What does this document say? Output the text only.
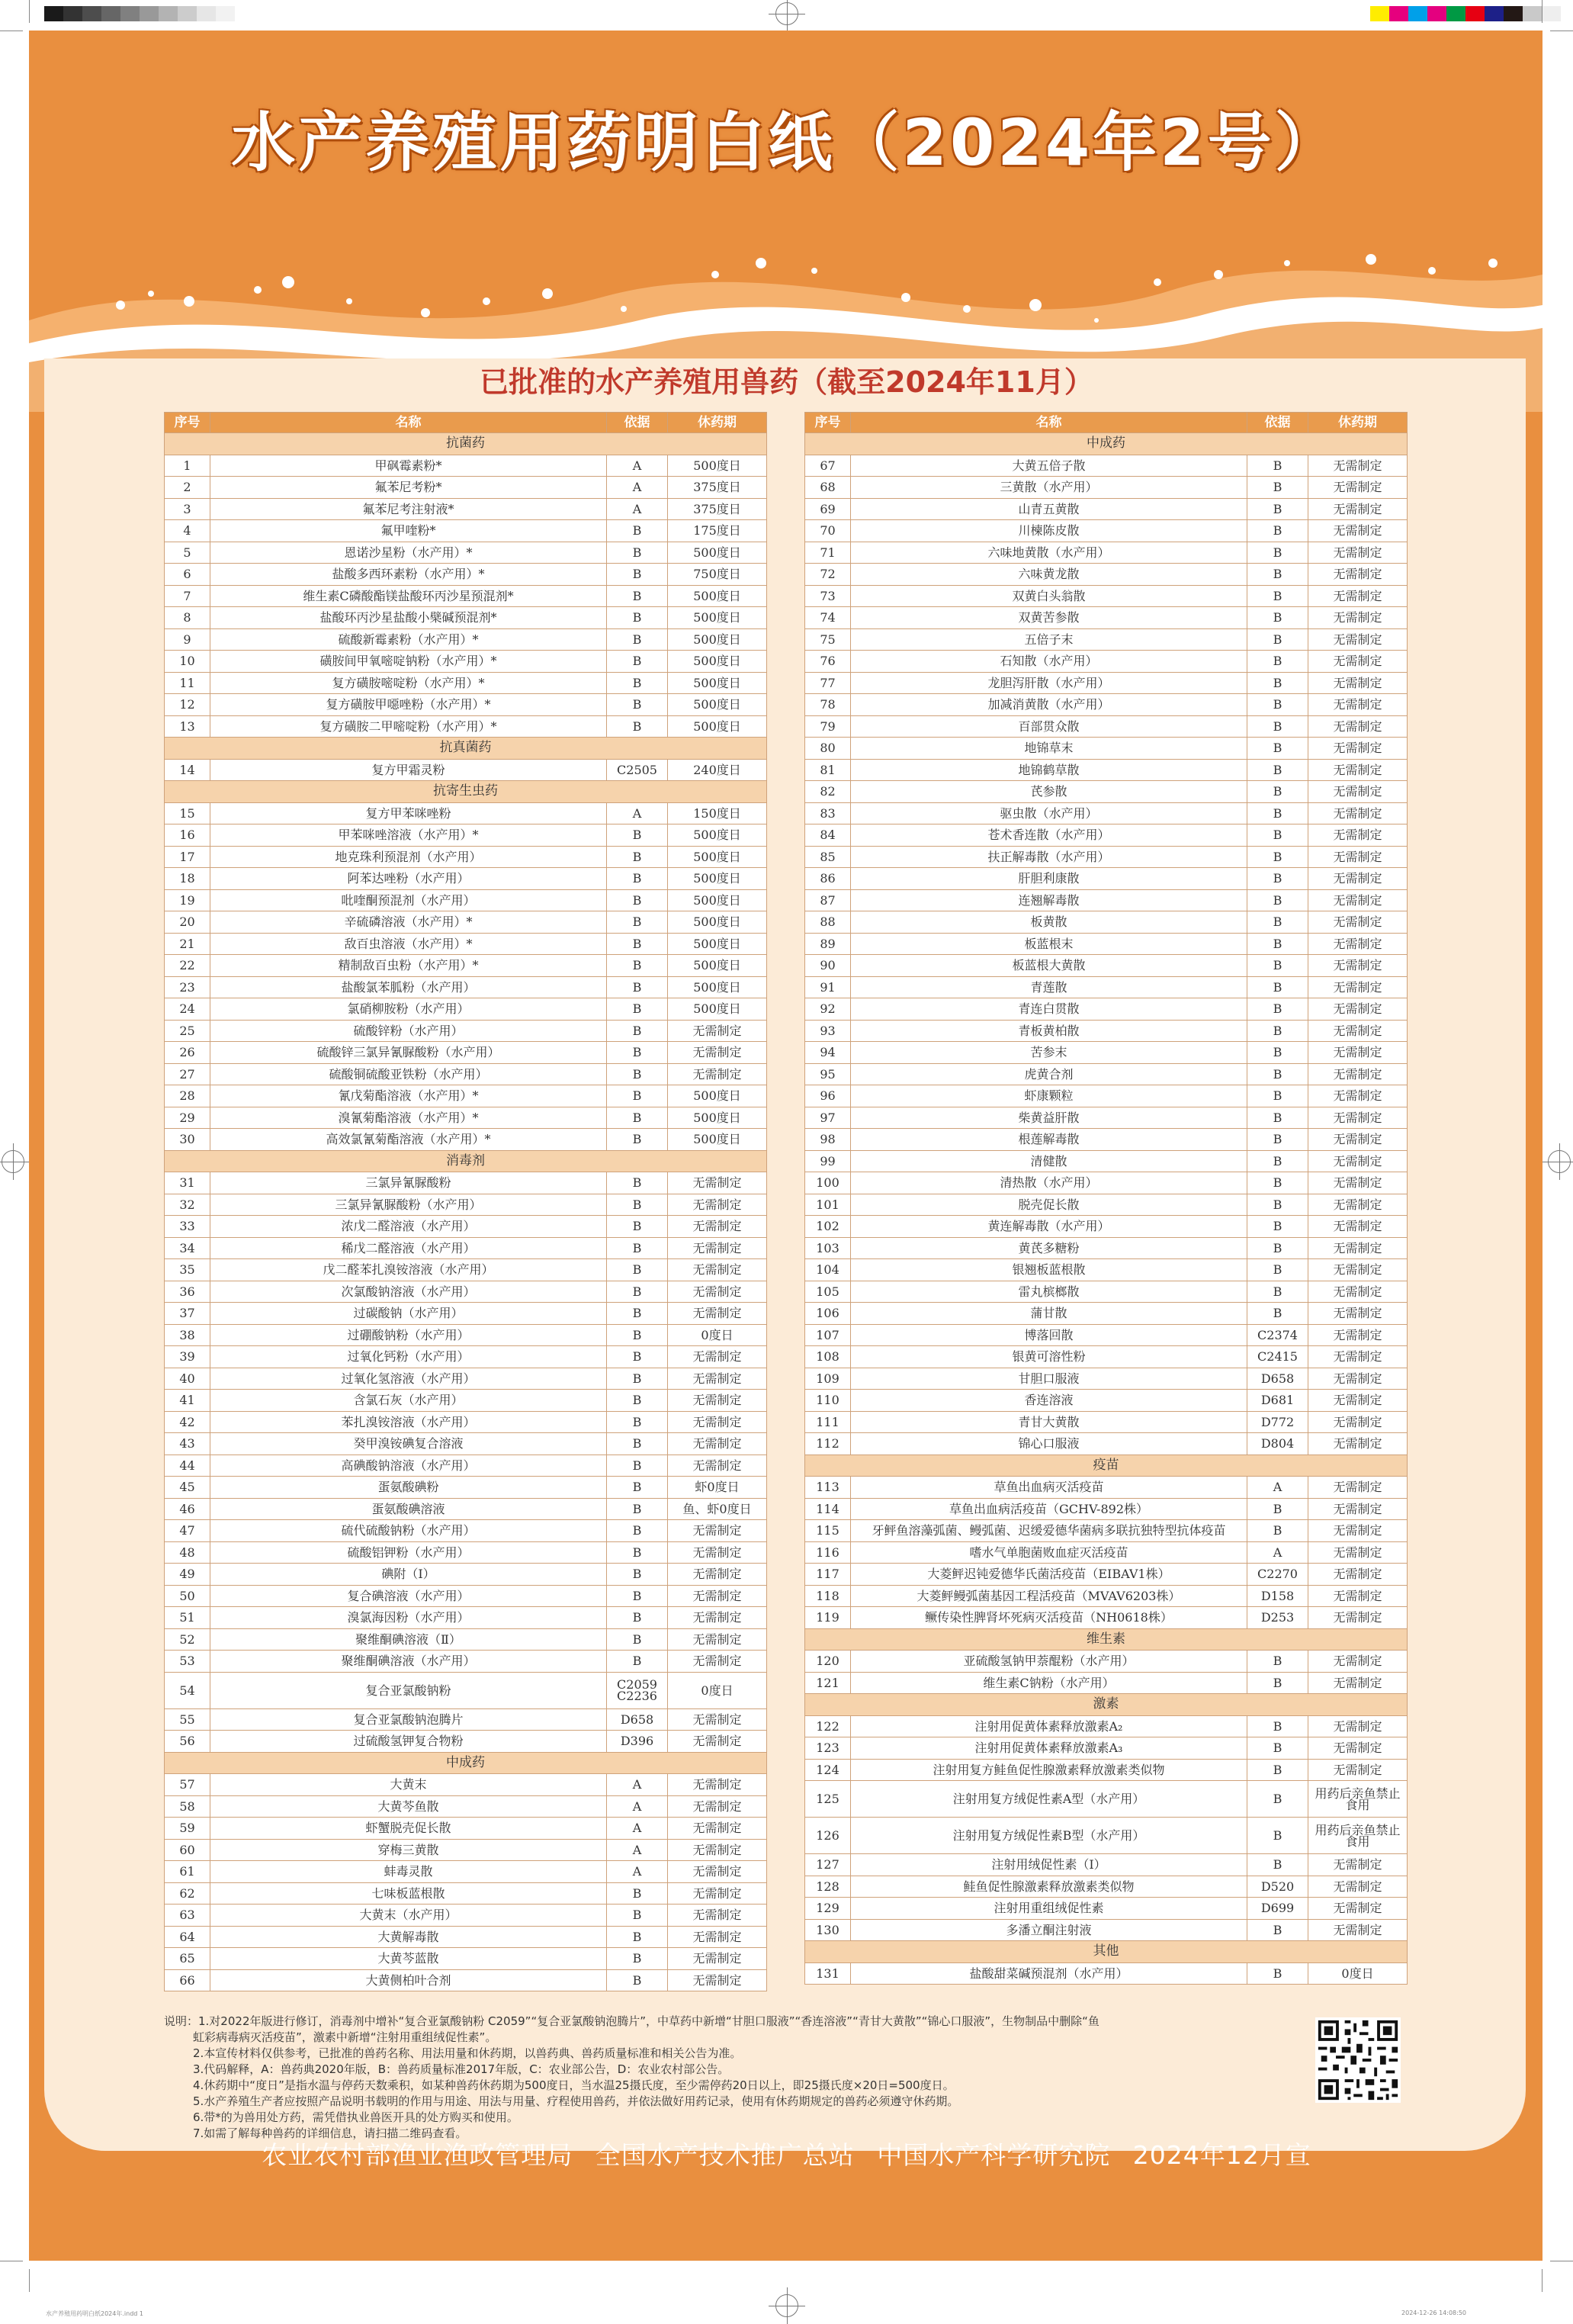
水产养殖用药明白纸（2024年2号）
已批准的水产养殖用兽药（截至2024年11月）
序号	名称	依据	休药期
抗菌药			
1	甲砜霉素粉*	A	500度日
2	氟苯尼考粉*	A	375度日
3	氟苯尼考注射液*	A	375度日
4	氟甲喹粉*	B	175度日
5	恩诺沙星粉（水产用）*	B	500度日
6	盐酸多西环素粉（水产用）*	B	750度日
7	维生素C磷酸酯镁盐酸环丙沙星预混剂*	B	500度日
8	盐酸环丙沙星盐酸小檗碱预混剂*	B	500度日
9	硫酸新霉素粉（水产用）*	B	500度日
10	磺胺间甲氧嘧啶钠粉（水产用）*	B	500度日
11	复方磺胺嘧啶粉（水产用）*	B	500度日
12	复方磺胺甲噁唑粉（水产用）*	B	500度日
13	复方磺胺二甲嘧啶粉（水产用）*	B	500度日
抗真菌药			
14	复方甲霜灵粉	C2505	240度日
抗寄生虫药			
15	复方甲苯咪唑粉	A	150度日
16	甲苯咪唑溶液（水产用）*	B	500度日
17	地克珠利预混剂（水产用）	B	500度日
18	阿苯达唑粉（水产用）	B	500度日
19	吡喹酮预混剂（水产用）	B	500度日
20	辛硫磷溶液（水产用）*	B	500度日
21	敌百虫溶液（水产用）*	B	500度日
22	精制敌百虫粉（水产用）*	B	500度日
23	盐酸氯苯胍粉（水产用）	B	500度日
24	氯硝柳胺粉（水产用）	B	500度日
25	硫酸锌粉（水产用）	B	无需制定
26	硫酸锌三氯异氰脲酸粉（水产用）	B	无需制定
27	硫酸铜硫酸亚铁粉（水产用）	B	无需制定
28	氰戊菊酯溶液（水产用）*	B	500度日
29	溴氰菊酯溶液（水产用）*	B	500度日
30	高效氯氰菊酯溶液（水产用）*	B	500度日
消毒剂			
31	三氯异氰脲酸粉	B	无需制定
32	三氯异氰脲酸粉（水产用）	B	无需制定
33	浓戊二醛溶液（水产用）	B	无需制定
34	稀戊二醛溶液（水产用）	B	无需制定
35	戊二醛苯扎溴铵溶液（水产用）	B	无需制定
36	次氯酸钠溶液（水产用）	B	无需制定
37	过碳酸钠（水产用）	B	无需制定
38	过硼酸钠粉（水产用）	B	0度日
39	过氧化钙粉（水产用）	B	无需制定
40	过氧化氢溶液（水产用）	B	无需制定
41	含氯石灰（水产用）	B	无需制定
42	苯扎溴铵溶液（水产用）	B	无需制定
43	癸甲溴铵碘复合溶液	B	无需制定
44	高碘酸钠溶液（水产用）	B	无需制定
45	蛋氨酸碘粉	B	虾0度日
46	蛋氨酸碘溶液	B	鱼、虾0度日
47	硫代硫酸钠粉（水产用）	B	无需制定
48	硫酸铝钾粉（水产用）	B	无需制定
49	碘附（Ⅰ）	B	无需制定
50	复合碘溶液（水产用）	B	无需制定
51	溴氯海因粉（水产用）	B	无需制定
52	聚维酮碘溶液（Ⅱ）	B	无需制定
53	聚维酮碘溶液（水产用）	B	无需制定
54	复合亚氯酸钠粉	C2059 C2236	0度日
55	复合亚氯酸钠泡腾片	D658	无需制定
56	过硫酸氢钾复合物粉	D396	无需制定
中成药			
57	大黄末	A	无需制定
58	大黄芩鱼散	A	无需制定
59	虾蟹脱壳促长散	A	无需制定
60	穿梅三黄散	A	无需制定
61	蚌毒灵散	A	无需制定
62	七味板蓝根散	B	无需制定
63	大黄末（水产用）	B	无需制定
64	大黄解毒散	B	无需制定
65	大黄芩蓝散	B	无需制定
66	大黄侧柏叶合剂	B	无需制定
序号	名称	依据	休药期
中成药			
67	大黄五倍子散	B	无需制定
68	三黄散（水产用）	B	无需制定
69	山青五黄散	B	无需制定
70	川楝陈皮散	B	无需制定
71	六味地黄散（水产用）	B	无需制定
72	六味黄龙散	B	无需制定
73	双黄白头翁散	B	无需制定
74	双黄苦参散	B	无需制定
75	五倍子末	B	无需制定
76	石知散（水产用）	B	无需制定
77	龙胆泻肝散（水产用）	B	无需制定
78	加减消黄散（水产用）	B	无需制定
79	百部贯众散	B	无需制定
80	地锦草末	B	无需制定
81	地锦鹤草散	B	无需制定
82	芪参散	B	无需制定
83	驱虫散（水产用）	B	无需制定
84	苍术香连散（水产用）	B	无需制定
85	扶正解毒散（水产用）	B	无需制定
86	肝胆利康散	B	无需制定
87	连翘解毒散	B	无需制定
88	板黄散	B	无需制定
89	板蓝根末	B	无需制定
90	板蓝根大黄散	B	无需制定
91	青莲散	B	无需制定
92	青连白贯散	B	无需制定
93	青板黄柏散	B	无需制定
94	苦参末	B	无需制定
95	虎黄合剂	B	无需制定
96	虾康颗粒	B	无需制定
97	柴黄益肝散	B	无需制定
98	根莲解毒散	B	无需制定
99	清健散	B	无需制定
100	清热散（水产用）	B	无需制定
101	脱壳促长散	B	无需制定
102	黄连解毒散（水产用）	B	无需制定
103	黄芪多糖粉	B	无需制定
104	银翘板蓝根散	B	无需制定
105	雷丸槟榔散	B	无需制定
106	蒲甘散	B	无需制定
107	博落回散	C2374	无需制定
108	银黄可溶性粉	C2415	无需制定
109	甘胆口服液	D658	无需制定
110	香连溶液	D681	无需制定
111	青甘大黄散	D772	无需制定
112	锦心口服液	D804	无需制定
疫苗			
113	草鱼出血病灭活疫苗	A	无需制定
114	草鱼出血病活疫苗（GCHV-892株）	B	无需制定
115	牙鲆鱼溶藻弧菌、鳗弧菌、迟缓爱德华菌病多联抗独特型抗体疫苗	B	无需制定
116	嗜水气单胞菌败血症灭活疫苗	A	无需制定
117	大菱鲆迟钝爱德华氏菌活疫苗（EIBAV1株）	C2270	无需制定
118	大菱鲆鳗弧菌基因工程活疫苗（MVAV6203株）	D158	无需制定
119	鳜传染性脾肾坏死病灭活疫苗（NH0618株）	D253	无需制定
维生素			
120	亚硫酸氢钠甲萘醌粉（水产用）	B	无需制定
121	维生素C钠粉（水产用）	B	无需制定
激素			
122	注射用促黄体素释放激素A₂	B	无需制定
123	注射用促黄体素释放激素A₃	B	无需制定
124	注射用复方鲑鱼促性腺激素释放激素类似物	B	无需制定
125	注射用复方绒促性素A型（水产用）	B	用药后亲鱼禁止食用
126	注射用复方绒促性素B型（水产用）	B	用药后亲鱼禁止食用
127	注射用绒促性素（Ⅰ）	B	无需制定
128	鲑鱼促性腺激素释放激素类似物	D520	无需制定
129	注射用重组绒促性素	D699	无需制定
130	多潘立酮注射液	B	无需制定
其他			
131	盐酸甜菜碱预混剂（水产用）	B	0度日
说明：1.对2022年版进行修订，消毒剂中增补“复合亚氯酸钠粉 C2059”“复合亚氯酸钠泡腾片”，中草药中新增“甘胆口服液”“香连溶液”“青甘大黄散”“锦心口服液”，生物制品中删除“鱼
虹彩病毒病灭活疫苗”，激素中新增“注射用重组绒促性素”。
2.本宣传材料仅供参考，已批准的兽药名称、用法用量和休药期，以兽药典、兽药质量标准和相关公告为准。
3.代码解释，A：兽药典2020年版，B：兽药质量标准2017年版，C：农业部公告，D：农业农村部公告。
4.休药期中“度日”是指水温与停药天数乘积，如某种兽药休药期为500度日，当水温25摄氏度，至少需停药20日以上，即25摄氏度×20日=500度日。
5.水产养殖生产者应按照产品说明书载明的作用与用途、用法与用量、疗程使用兽药，并依法做好用药记录，使用有休药期规定的兽药必须遵守休药期。
6.带*的为兽用处方药，需凭借执业兽医开具的处方购买和使用。
7.如需了解每种兽药的详细信息，请扫描二维码查看。
农业农村部渔业渔政管理局 全国水产技术推广总站 中国水产科学研究院 2024年12月宣
水产养殖用药明白纸2024年.indd 1	2024-12-26 14:08:50
